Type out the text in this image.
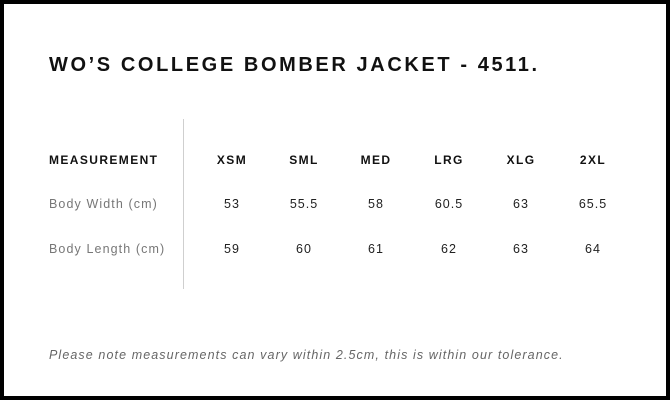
WO’S COLLEGE BOMBER JACKET - 4511.
MEASUREMENT	XSM	SML	MED	LRG	XLG	2XL
Body Width (cm)	53	55.5	58	60.5	63	65.5
Body Length (cm)	59	60	61	62	63	64

Please note measurements can vary within 2.5cm, this is within our tolerance.
